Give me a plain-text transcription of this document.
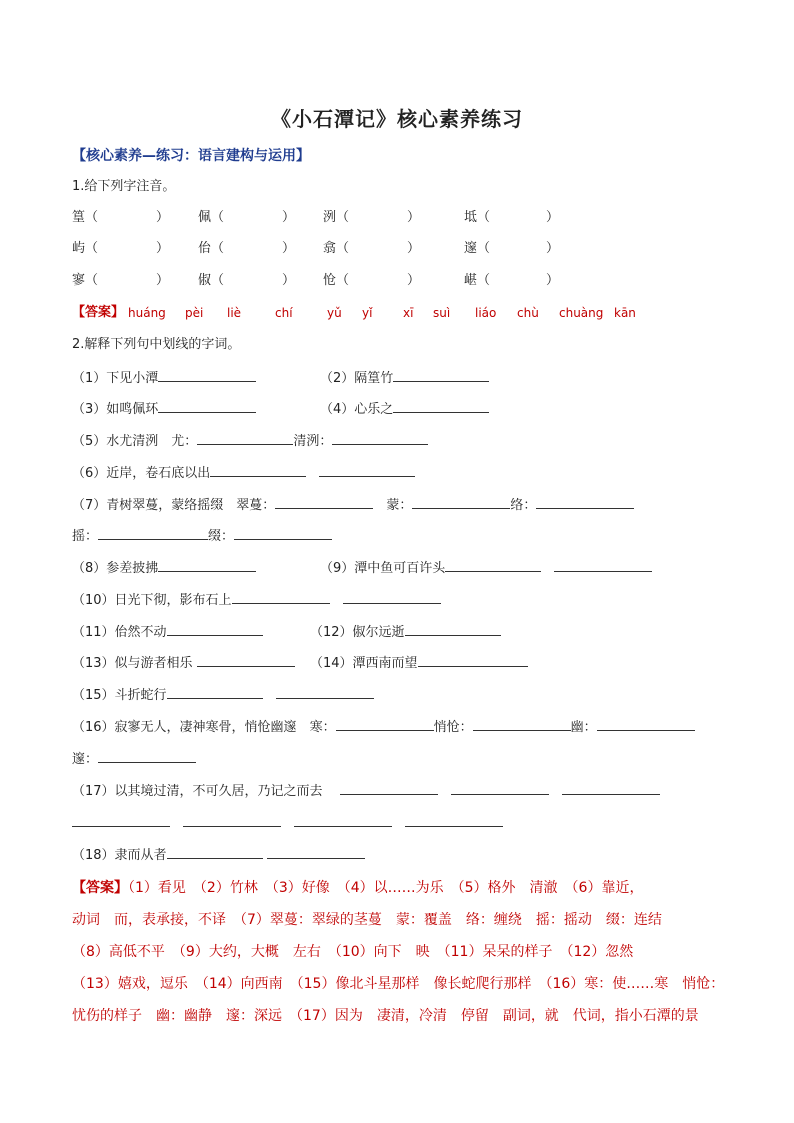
《小石潭记》核心素养练习
【核心素养—练习：语言建构与运用】
1.给下列字注音。
篁（	） 佩（	） 洌（	）	坻（	）
屿（	） 佁（	） 翕（	）	邃（	）
寥（	） 俶（	） 怆（	）	嵁（	）
【答案】 huáng pèi liè	chí	yǔ yǐ	xī suì liáo chù chuàng kān
2.解释下列句中划线的字词。
（1）下见小潭	（2）隔篁竹
（3）如鸣佩环	（4）心乐之
（5）水尤清洌　 尤：	清洌：
（6）近岸，卷石底以出　
（7）青树翠蔓，蒙络摇缀　 翠蔓：　	蒙：	络：
摇：	缀：
（8）参差披拂	（9）潭中鱼可百许头　
（10）日光下彻，影布石上　
（11）佁然不动	（12）俶尔远逝
（13）似与游者相乐	（14）潭西南而望
（15）斗折蛇行　
（16）寂寥无人，凄神寒骨，悄怆幽邃　 寒：	悄怆：	幽：
邃：
（17）以其境过清，不可久居，乃记之而去　 　　

（18）隶而从者
【答案】（1）看见　（2）竹林　（3）好像　（4）以……为乐　（5）格外　清澈　（6）靠近，
动词　而，表承接，不译　（7）翠蔓：翠绿的茎蔓　蒙：覆盖　络：缠绕　摇：摇动　缀：连结
（8）高低不平　（9）大约，大概　左右　（10）向下　映　（11）呆呆的样子　（12）忽然
（13）嬉戏，逗乐　（14）向西南　（15）像北斗星那样　像长蛇爬行那样　（16）寒：使……寒　悄怆：
忧伤的样子　幽：幽静　邃：深远　（17）因为　凄清，冷清　停留　副词，就　代词，指小石潭的景
